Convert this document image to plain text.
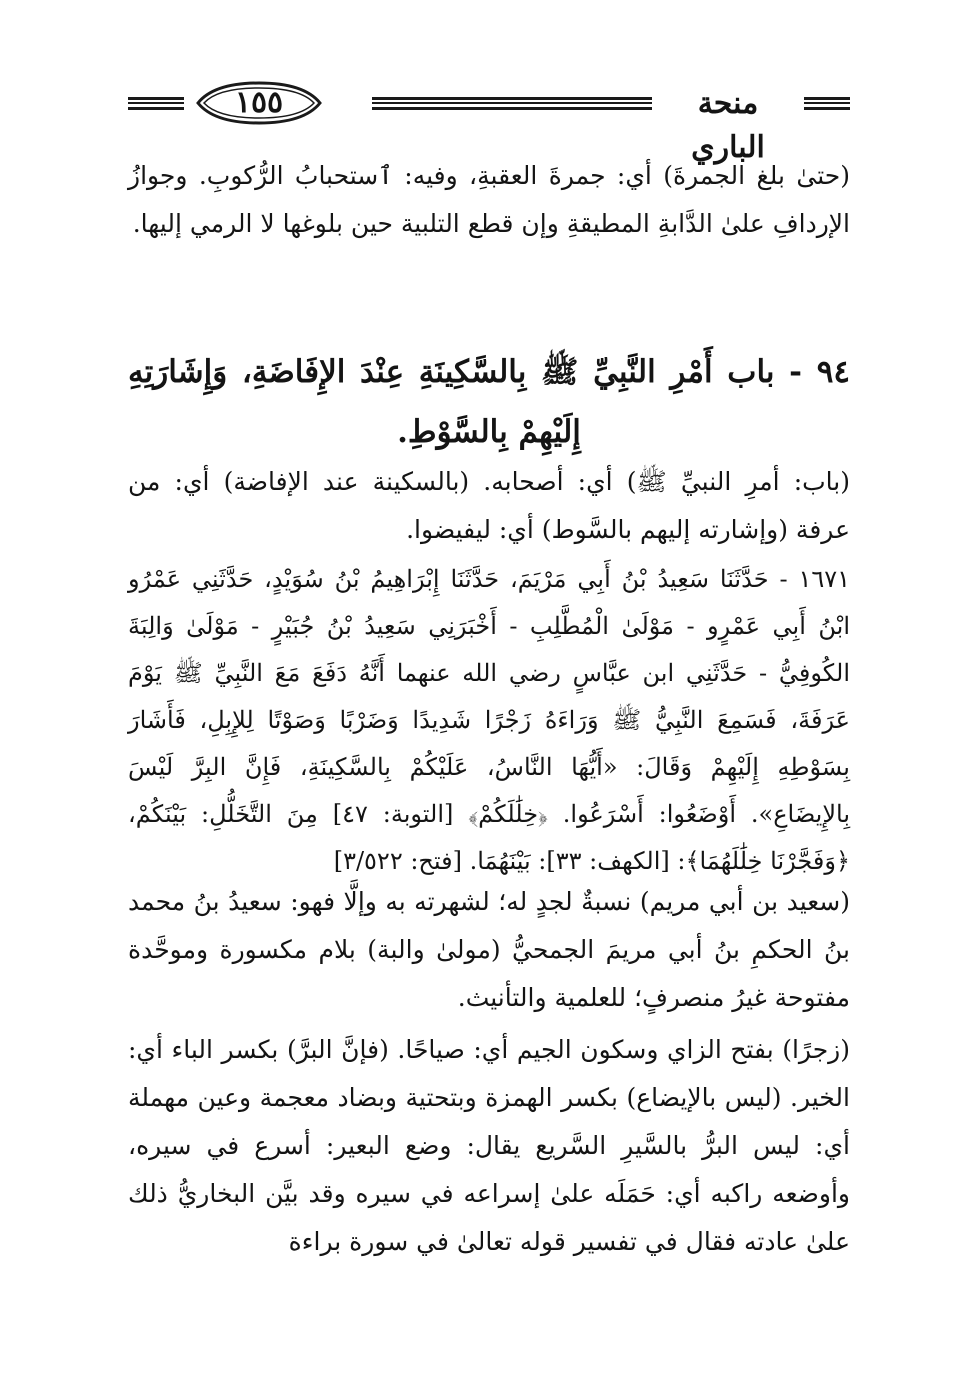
منحة الباري
١٥٥

(حتىٰ بلغ الجمرةَ) أي: جمرةَ العقبةِ، وفيه: ٱستحبابُ الرُّكوبِ. وجوازُ الإردافِ علىٰ الدَّابةِ المطيقةِ وإن قطع التلبية حين بلوغها لا الرمي إليها.

٩٤ - باب أَمْرِ النَّبِيِّ ﷺ بِالسَّكِينَةِ عِنْدَ الإِفَاضَةِ، وَإِشَارَتِهِ إِلَيْهِمْ بِالسَّوْطِ.

(باب: أمرِ النبيِّ ﷺ) أي: أصحابه. (بالسكينة عند الإفاضة) أي: من عرفة (وإشارته إليهم بالسَّوط) أي: ليفيضوا.

١٦٧١ - حَدَّثَنَا سَعِيدُ بْنُ أَبِي مَرْيَمَ، حَدَّثَنَا إِبْرَاهِيمُ بْنُ سُوَيْدٍ، حَدَّثَنِي عَمْرُو ابْنُ أَبِي عَمْرٍو - مَوْلَىٰ الْمُطَّلِبِ - أَخْبَرَنِي سَعِيدُ بْنُ جُبَيْرٍ - مَوْلَىٰ وَالِبَةَ الكُوفِيُّ - حَدَّثَنِي ابن عبَّاسٍ رضي الله عنهما أَنَّهُ دَفَعَ مَعَ النَّبِيِّ ﷺ يَوْمَ عَرَفَةَ، فَسَمِعَ النَّبِيُّ ﷺ وَرَاءَهُ زَجْرًا شَدِيدًا وَضَرْبًا وَصَوْتًا لِلإِبِلِ، فَأَشَارَ بِسَوْطِهِ إِلَيْهِمْ وَقَالَ: «أَيُّهَا النَّاسُ، عَلَيْكُمْ بِالسَّكِينَةِ، فَإِنَّ البِرَّ لَيْسَ بِالإِيضَاعِ». أَوْضَعُوا: أَسْرَعُوا. ﴿خِلَٰلَكُمْ﴾ [التوبة: ٤٧] مِنَ التَّخَلُّلِ: بَيْنَكُمْ، ﴿وَفَجَّرْنَا خِلَٰلَهُمَا﴾: [الكهف: ٣٣]: بَيْنَهُمَا. [فتح: ٣/٥٢٢]

(سعيد بن أبي مريم) نسبةٌ لجدٍ له؛ لشهرته به وإلَّا فهو: سعيدُ بنُ محمد بنُ الحكمِ بنُ أبي مريمَ الجمحيُّ (مولىٰ والبة) بلام مكسورة وموحَّدة مفتوحة غيرُ منصرفٍ؛ للعلمية والتأنيث.

(زجرًا) بفتح الزاي وسكون الجيم أي: صياحًا. (فإنَّ البرَّ) بكسر الباء أي: الخير. (ليس بالإيضاع) بكسر الهمزة وبتحتية وبضاد معجمة وعين مهملة أي: ليس البرُّ بالسَّيرِ السَّريع يقال: وضع البعير: أسرع في سيره، وأوضعه راكبه أي: حَمَلَه علىٰ إسراعه في سيره وقد بيَّن البخاريُّ ذلك علىٰ عادته فقال في تفسير قوله تعالىٰ في سورة براءة
